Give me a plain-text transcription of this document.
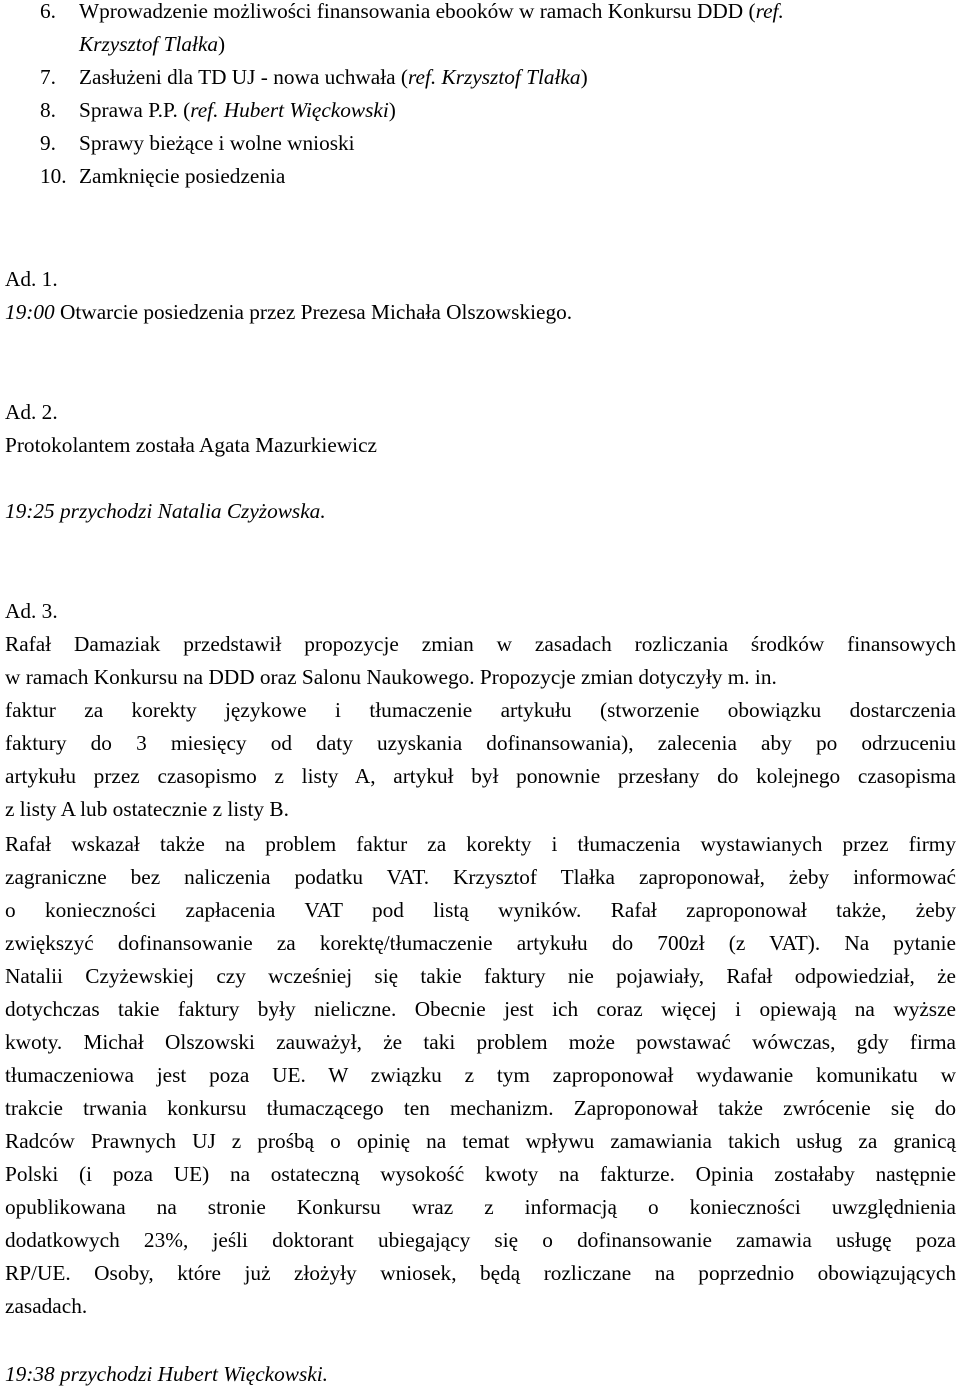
6. Wprowadzenie możliwości finansowania ebooków w ramach Konkursu DDD (ref.
Krzysztof Tlałka)
7. Zasłużeni dla TD UJ - nowa uchwała (ref. Krzysztof Tlałka)
8. Sprawa P.P. (ref. Hubert Więckowski)
9. Sprawy bieżące i wolne wnioski
10. Zamknięcie posiedzenia
Ad. 1.
19:00 Otwarcie posiedzenia przez Prezesa Michała Olszowskiego.
Ad. 2.
Protokolantem została Agata Mazurkiewicz
19:25 przychodzi Natalia Czyżowska.
Ad. 3.
Rafał Damaziak przedstawił propozycje zmian w zasadach rozliczania środków finansowych
w ramach Konkursu na DDD oraz Salonu Naukowego. Propozycje zmian dotyczyły m. in.
faktur za korekty językowe i tłumaczenie artykułu (stworzenie obowiązku dostarczenia
faktury do 3 miesięcy od daty uzyskania dofinansowania), zalecenia aby po odrzuceniu
artykułu przez czasopismo z listy A, artykuł był ponownie przesłany do kolejnego czasopisma
z listy A lub ostatecznie z listy B.
Rafał wskazał także na problem faktur za korekty i tłumaczenia wystawianych przez firmy
zagraniczne bez naliczenia podatku VAT. Krzysztof Tlałka zaproponował, żeby informować
o konieczności zapłacenia VAT pod listą wyników. Rafał zaproponował także, żeby
zwiększyć dofinansowanie za korektę/tłumaczenie artykułu do 700zł (z VAT). Na pytanie
Natalii Czyżewskiej czy wcześniej się takie faktury nie pojawiały, Rafał odpowiedział, że
dotychczas takie faktury były nieliczne. Obecnie jest ich coraz więcej i opiewają na wyższe
kwoty. Michał Olszowski zauważył, że taki problem może powstawać wówczas, gdy firma
tłumaczeniowa jest poza UE. W związku z tym zaproponował wydawanie komunikatu w
trakcie trwania konkursu tłumaczącego ten mechanizm. Zaproponował także zwrócenie się do
Radców Prawnych UJ z prośbą o opinię na temat wpływu zamawiania takich usług za granicą
Polski (i poza UE) na ostateczną wysokość kwoty na fakturze. Opinia zostałaby następnie
opublikowana na stronie Konkursu wraz z informacją o konieczności uwzględnienia
dodatkowych 23%, jeśli doktorant ubiegający się o dofinansowanie zamawia usługę poza
RP/UE. Osoby, które już złożyły wniosek, będą rozliczane na poprzednio obowiązujących
zasadach.
19:38 przychodzi Hubert Więckowski.
